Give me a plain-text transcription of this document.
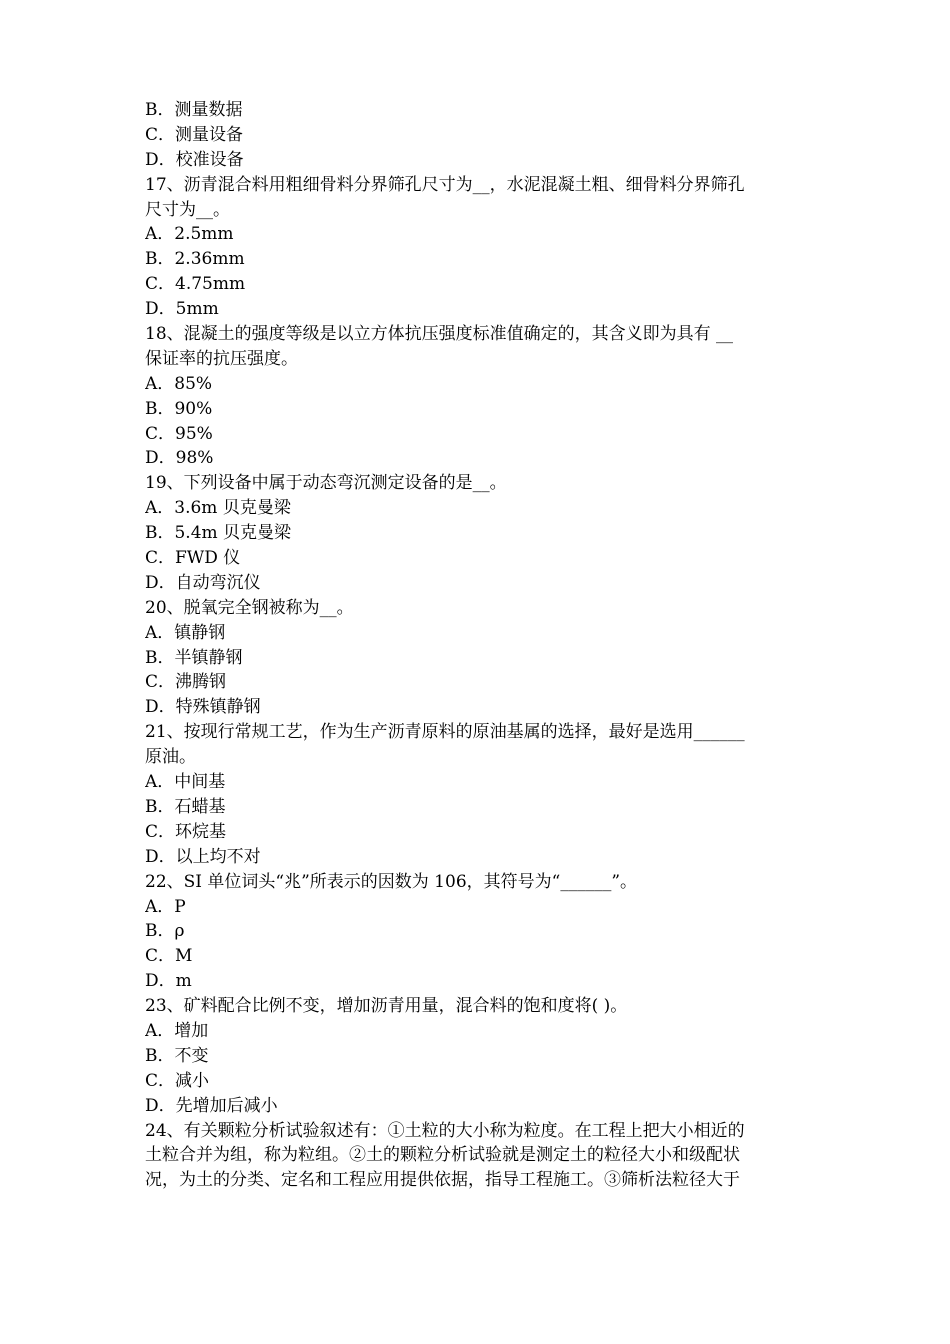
B．测量数据
C．测量设备
D．校准设备
17、沥青混合料用粗细骨料分界筛孔尺寸为__，水泥混凝土粗、细骨料分界筛孔
尺寸为__。
A．2.5mm
B．2.36mm
C．4.75mm
D．5mm
18、混凝土的强度等级是以立方体抗压强度标准值确定的，其含义即为具有 __
保证率的抗压强度。
A．85%
B．90%
C．95%
D．98%
19、下列设备中属于动态弯沉测定设备的是__。
A．3.6m 贝克曼梁
B．5.4m 贝克曼梁
C．FWD 仪
D．自动弯沉仪
20、脱氧完全钢被称为__。
A．镇静钢
B．半镇静钢
C．沸腾钢
D．特殊镇静钢
21、按现行常规工艺，作为生产沥青原料的原油基属的选择，最好是选用______
原油。
A．中间基
B．石蜡基
C．环烷基
D．以上均不对
22、SI 单位词头“兆”所表示的因数为 106，其符号为“______”。
A．P
B．ρ
C．M
D．m
23、矿料配合比例不变，增加沥青用量，混合料的饱和度将( )。
A．增加
B．不变
C．减小
D．先增加后减小
24、有关颗粒分析试验叙述有：①土粒的大小称为粒度。在工程上把大小相近的
土粒合并为组，称为粒组。②土的颗粒分析试验就是测定土的粒径大小和级配状
况，为土的分类、定名和工程应用提供依据，指导工程施工。③筛析法粒径大于
